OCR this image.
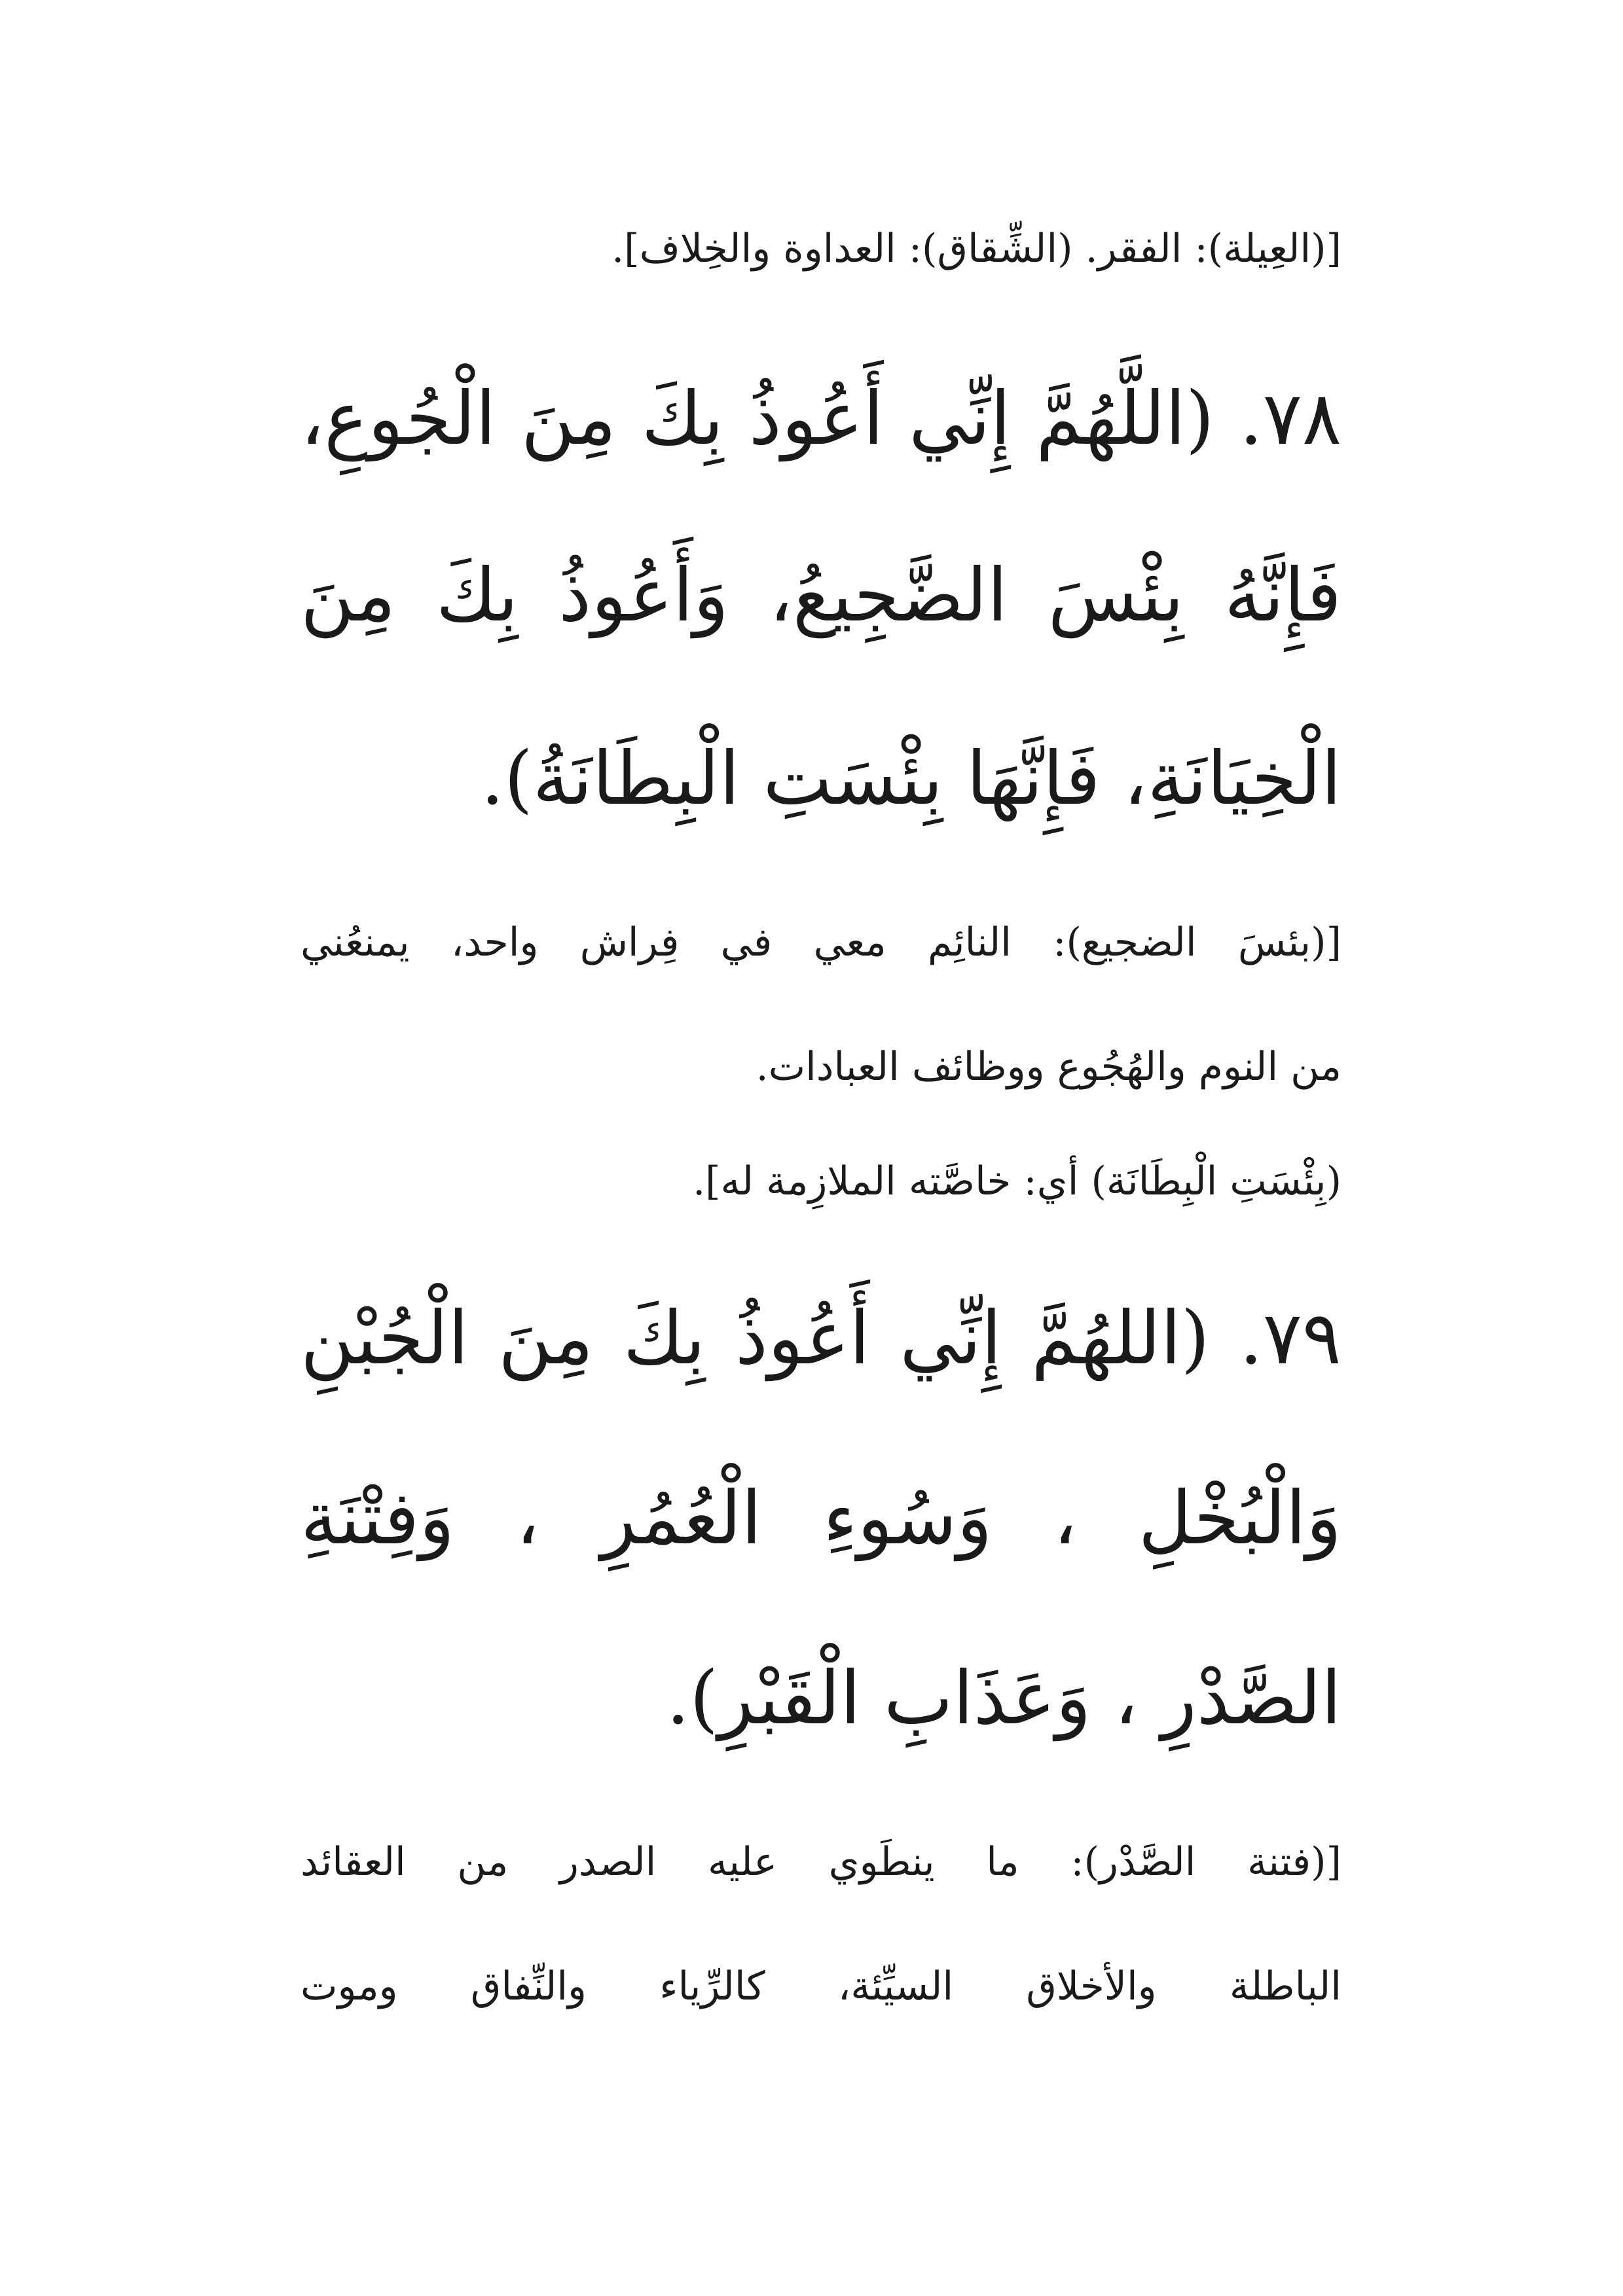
[(العِيلة): الفقر. (الشِّقاق): العداوة والخِلاف].
٧٨. (اللَّهُمَّ إِنِّي أَعُوذُ بِكَ مِنَ الْجُوعِ،
فَإِنَّهُ بِئْسَ الضَّجِيعُ، وَأَعُوذُ بِكَ مِنَ
الْخِيَانَةِ، فَإِنَّهَا بِئْسَتِ الْبِطَانَةُ).
[(بئسَ الضجيع): النائِم معي في فِراش واحد، يمنعُني
من النوم والهُجُوع ووظائف العبادات.
(بِئْسَتِ الْبِطَانَة) أي: خاصَّته الملازِمة له].
٧٩. (اللهُمَّ إِنِّي أَعُوذُ بِكَ مِنَ الْجُبْنِ
وَالْبُخْلِ ، وَسُوءِ الْعُمُرِ ، وَفِتْنَةِ
الصَّدْرِ ، وَعَذَابِ الْقَبْرِ).
[(فتنة الصَّدْر): ما ينطَوي عليه الصدر من العقائد
الباطلة والأخلاق السيِّئة، كالرِّياء والنِّفاق وموت
